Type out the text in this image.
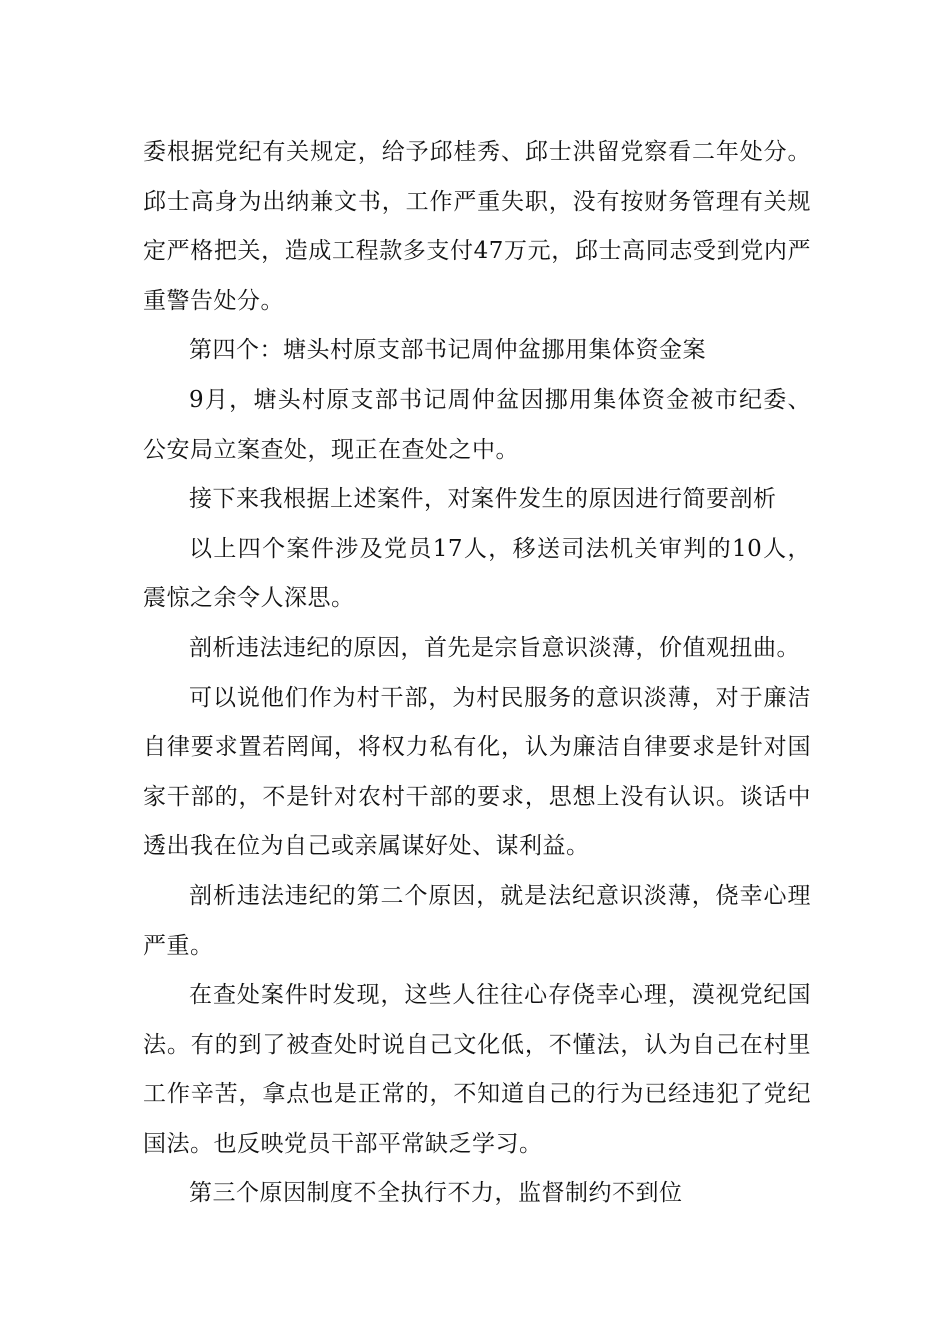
委根据党纪有关规定，给予邱桂秀、邱士洪留党察看二年处分。邱士高身为出纳兼文书，工作严重失职，没有按财务管理有关规定严格把关，造成工程款多支付47万元，邱士高同志受到党内严重警告处分。

第四个：塘头村原支部书记周仲盆挪用集体资金案

9月，塘头村原支部书记周仲盆因挪用集体资金被市纪委、公安局立案查处，现正在查处之中。

接下来我根据上述案件，对案件发生的原因进行简要剖析

以上四个案件涉及党员17人，移送司法机关审判的10人，震惊之余令人深思。

剖析违法违纪的原因，首先是宗旨意识淡薄，价值观扭曲。

可以说他们作为村干部，为村民服务的意识淡薄，对于廉洁自律要求置若罔闻，将权力私有化，认为廉洁自律要求是针对国家干部的，不是针对农村干部的要求，思想上没有认识。谈话中透出我在位为自己或亲属谋好处、谋利益。

剖析违法违纪的第二个原因，就是法纪意识淡薄，侥幸心理严重。

在查处案件时发现，这些人往往心存侥幸心理，漠视党纪国法。有的到了被查处时说自己文化低，不懂法，认为自己在村里工作辛苦，拿点也是正常的，不知道自己的行为已经违犯了党纪国法。也反映党员干部平常缺乏学习。

第三个原因制度不全执行不力，监督制约不到位
